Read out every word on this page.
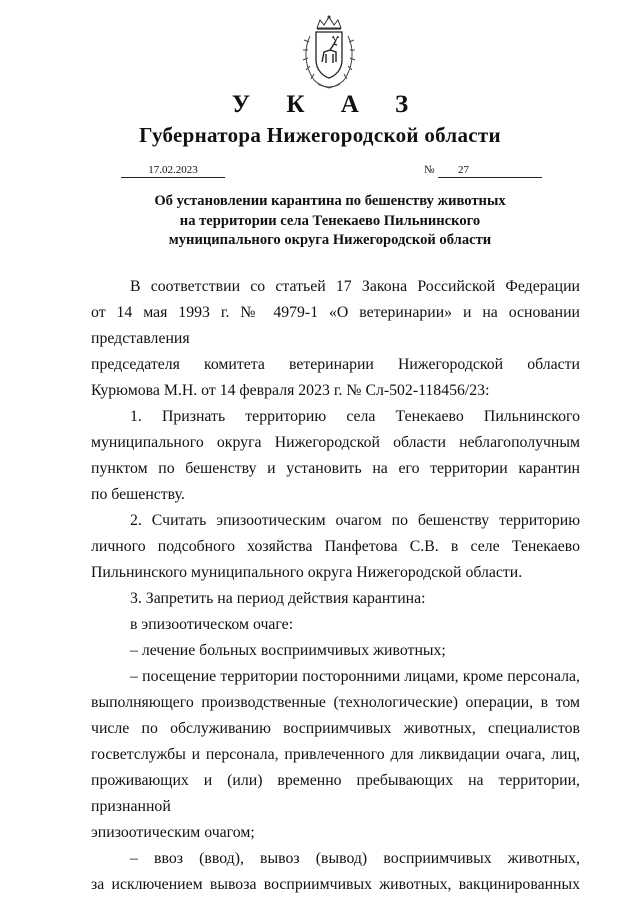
У К А З
Губернатора Нижегородской области
17.02.2023	№ 27
Об установлении карантина по бешенству животных
на территории села Тенекаево Пильнинского
муниципального округа Нижегородской области

В соответствии со статьей 17 Закона Российской Федерации

от 14 мая 1993 г. № 4979-1 «О ветеринарии» и на основании представления

председателя комитета ветеринарии Нижегородской области

Курюмова М.Н. от 14 февраля 2023 г. № Сл-502-118456/23:

1. Признать территорию села Тенекаево Пильнинского

муниципального округа Нижегородской области неблагополучным

пунктом по бешенству и установить на его территории карантин

по бешенству.

2. Считать эпизоотическим очагом по бешенству территорию

личного подсобного хозяйства Панфетова С.В. в селе Тенекаево

Пильнинского муниципального округа Нижегородской области.

3. Запретить на период действия карантина:

в эпизоотическом очаге:

– лечение больных восприимчивых животных;

– посещение территории посторонними лицами, кроме персонала,

выполняющего производственные (технологические) операции, в том

числе по обслуживанию восприимчивых животных, специалистов

госветслужбы и персонала, привлеченного для ликвидации очага, лиц,

проживающих и (или) временно пребывающих на территории, признанной

эпизоотическим очагом;

– ввоз (ввод), вывоз (вывод) восприимчивых животных,

за исключением вывоза восприимчивых животных, вакцинированных
